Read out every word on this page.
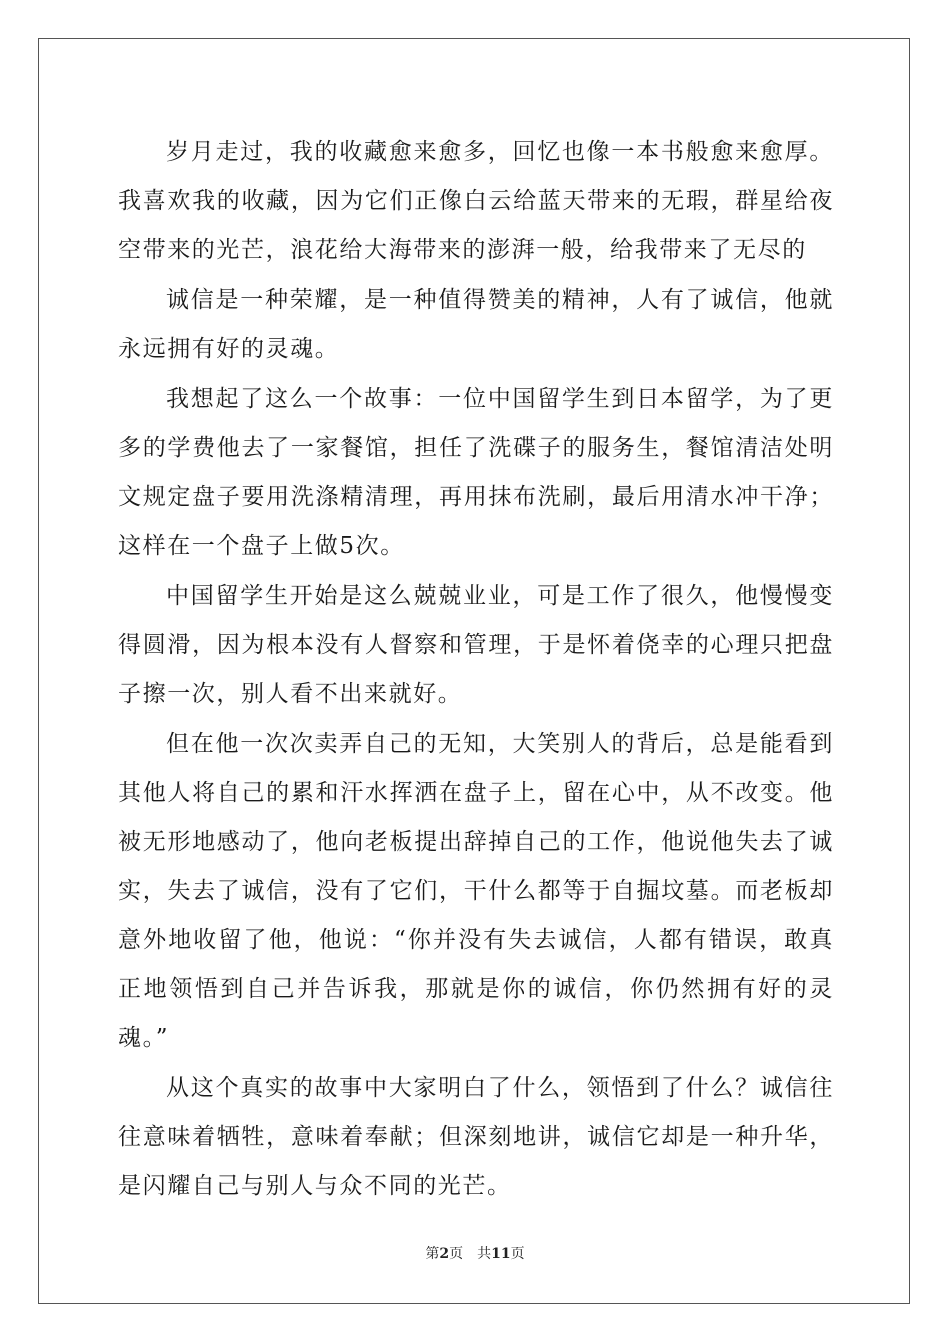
岁月走过，我的收藏愈来愈多，回忆也像一本书般愈来愈厚。我喜欢我的收藏，因为它们正像白云给蓝天带来的无瑕，群星给夜空带来的光芒，浪花给大海带来的澎湃一般，给我带来了无尽的

诚信是一种荣耀，是一种值得赞美的精神，人有了诚信，他就永远拥有好的灵魂。

我想起了这么一个故事：一位中国留学生到日本留学，为了更多的学费他去了一家餐馆，担任了洗碟子的服务生，餐馆清洁处明文规定盘子要用洗涤精清理，再用抹布洗刷，最后用清水冲干净；这样在一个盘子上做5次。

中国留学生开始是这么兢兢业业，可是工作了很久，他慢慢变得圆滑，因为根本没有人督察和管理，于是怀着侥幸的心理只把盘子擦一次，别人看不出来就好。

但在他一次次卖弄自己的无知，大笑别人的背后，总是能看到其他人将自己的累和汗水挥洒在盘子上，留在心中，从不改变。他被无形地感动了，他向老板提出辞掉自己的工作，他说他失去了诚实，失去了诚信，没有了它们，干什么都等于自掘坟墓。而老板却意外地收留了他，他说：“你并没有失去诚信，人都有错误，敢真正地领悟到自己并告诉我，那就是你的诚信，你仍然拥有好的灵魂。”

从这个真实的故事中大家明白了什么，领悟到了什么？诚信往往意味着牺牲，意味着奉献；但深刻地讲，诚信它却是一种升华，是闪耀自己与别人与众不同的光芒。

第2页 共11页
